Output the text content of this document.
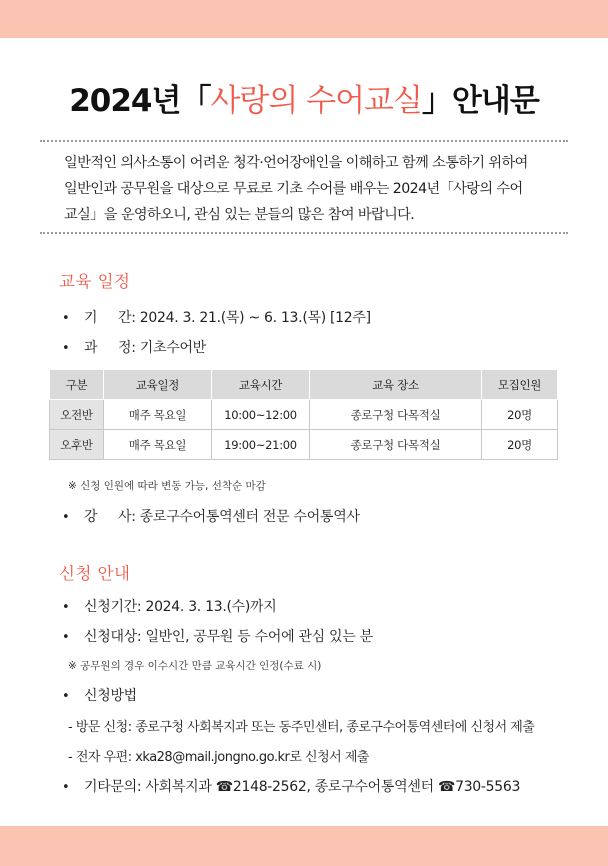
2024년「사랑의 수어교실」안내문

일반적인 의사소통이 어려운 청각·언어장애인을 이해하고 함께 소통하기 위하여

일반인과 공무원을 대상으로 무료로 기초 수어를 배우는 2024년「사랑의 수어

교실」을 운영하오니, 관심 있는 분들의 많은 참여 바랍니다.

교육 일정
• 기     간: 2024. 3. 21.(목) ~ 6. 13.(목) [12주]
• 과     정: 기초수어반
구분	교육일정	교육시간	교육 장소	모집인원
오전반	매주 목요일	10:00~12:00	종로구청 다목적실	20명
오후반	매주 목요일	19:00~21:00	종로구청 다목적실	20명
※ 신청 인원에 따라 변동 가능, 선착순 마감
• 강     사: 종로구수어통역센터 전문 수어통역사
신청 안내
• 신청기간: 2024. 3. 13.(수)까지
• 신청대상: 일반인, 공무원 등 수어에 관심 있는 분
※ 공무원의 경우 이수시간 만큼 교육시간 인정(수료 시)
• 신청방법
- 방문 신청: 종로구청 사회복지과 또는 동주민센터, 종로구수어통역센터에 신청서 제출
- 전자 우편: xka28@mail.jongno.go.kr로 신청서 제출
• 기타문의: 사회복지과 ☎2148-2562, 종로구수어통역센터 ☎730-5563
